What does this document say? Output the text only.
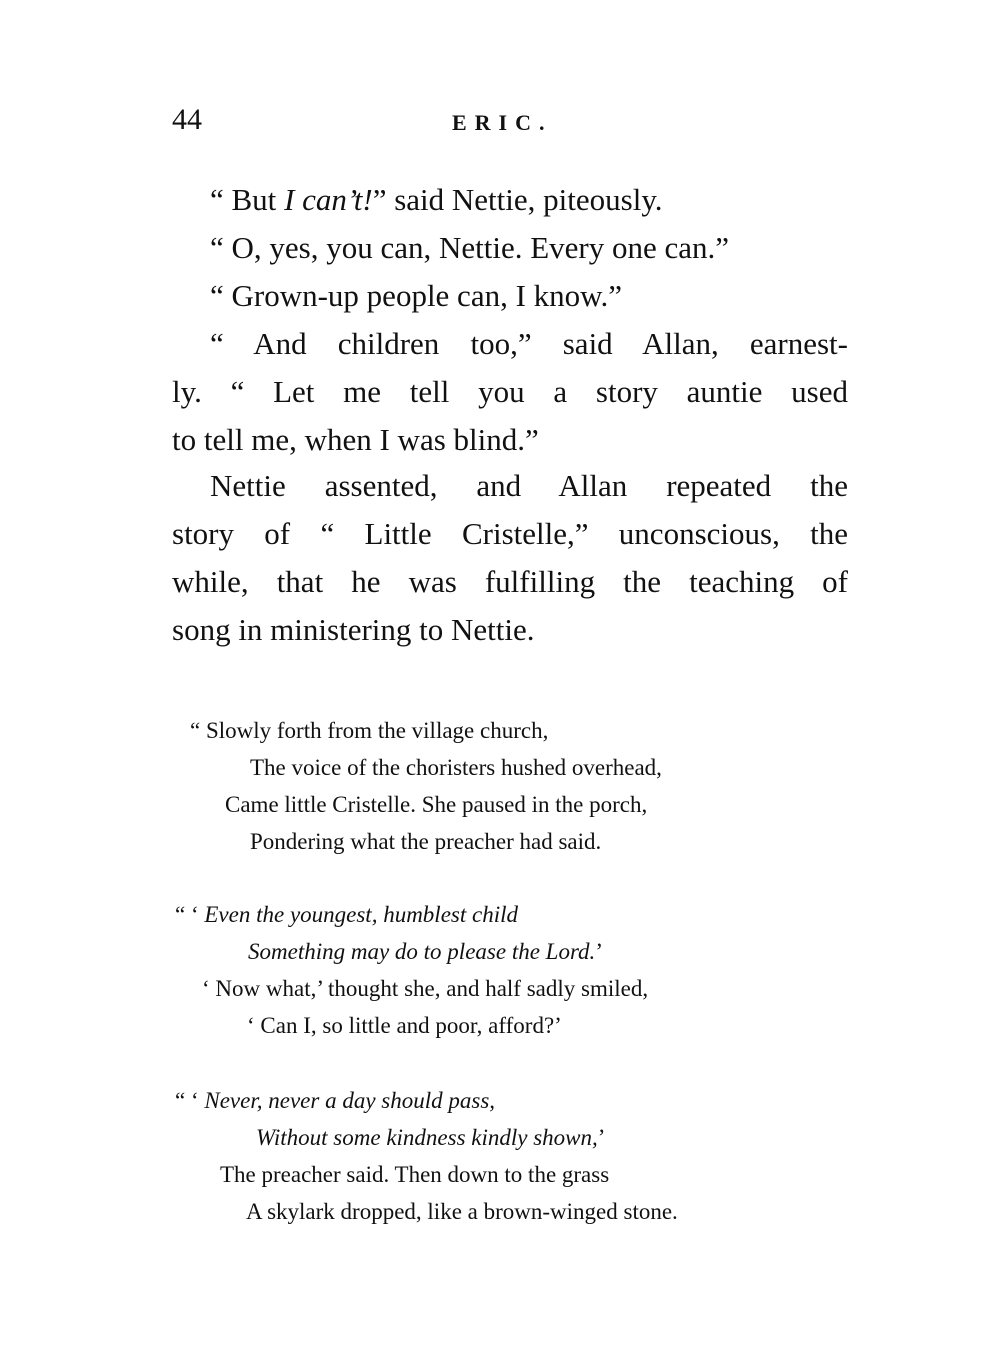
44	ERIC.
“ But I can’t!” said Nettie, piteously.
“ O, yes, you can, Nettie. Every one can.”
“ Grown-up people can, I know.”
“ And children too,” said Allan, earnest-
ly. “ Let me tell you a story auntie used
to tell me, when I was blind.”
Nettie assented, and Allan repeated the
story of “ Little Cristelle,” unconscious, the
while, that he was fulfilling the teaching of
song in ministering to Nettie.
“ Slowly forth from the village church,
The voice of the choristers hushed overhead,
Came little Cristelle. She paused in the porch,
Pondering what the preacher had said.
“ ‘ Even the youngest, humblest child
Something may do to please the Lord.’
‘ Now what,’ thought she, and half sadly smiled,
‘ Can I, so little and poor, afford?’
“ ‘ Never, never a day should pass,
Without some kindness kindly shown,’
The preacher said. Then down to the grass
A skylark dropped, like a brown-winged stone.
